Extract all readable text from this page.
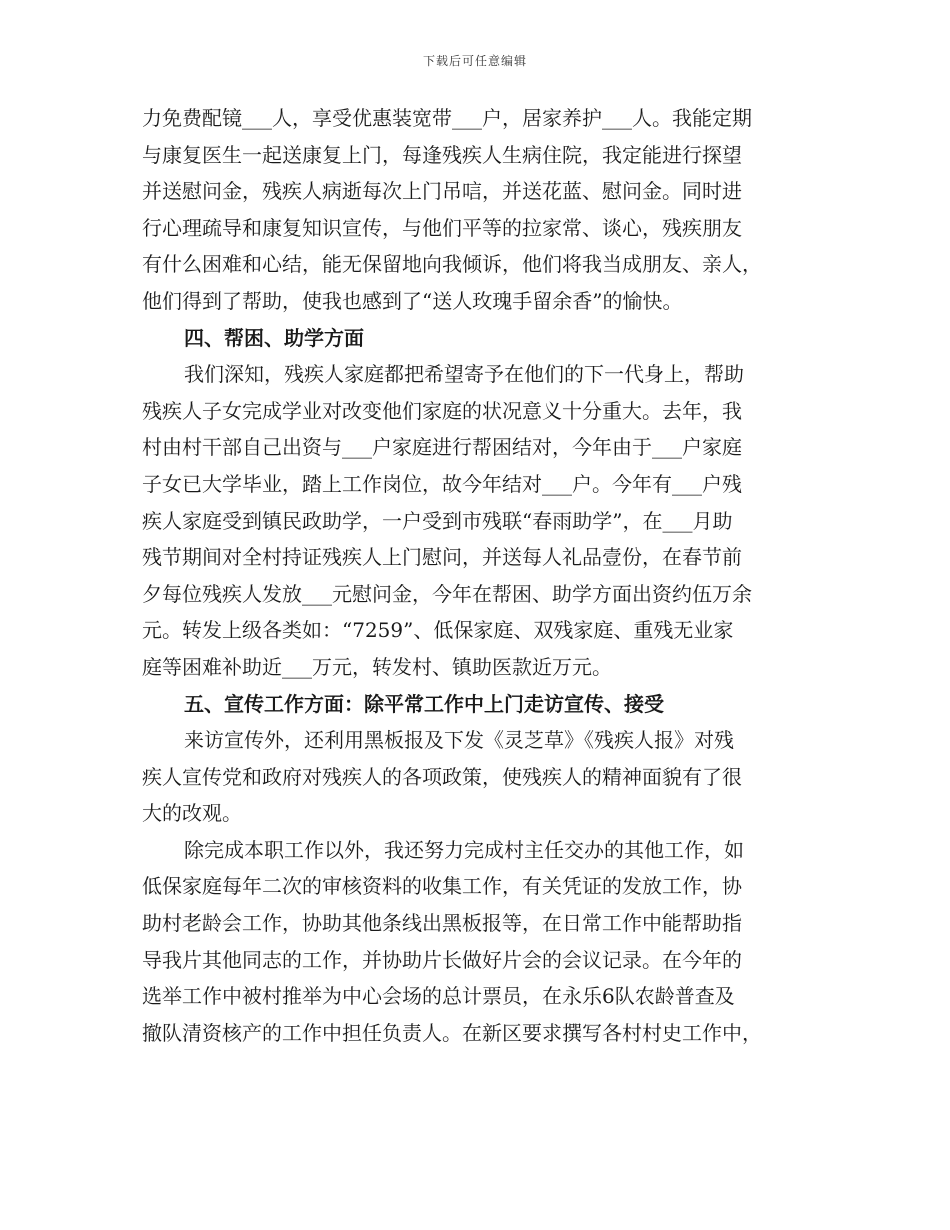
下载后可任意编辑
力免费配镜___人，享受优惠装宽带___户，居家养护___人。我能定期
与康复医生一起送康复上门，每逢残疾人生病住院，我定能进行探望
并送慰问金，残疾人病逝每次上门吊唁，并送花蓝、慰问金。同时进
行心理疏导和康复知识宣传，与他们平等的拉家常、谈心，残疾朋友
有什么困难和心结，能无保留地向我倾诉，他们将我当成朋友、亲人，
他们得到了帮助，使我也感到了“送人玫瑰手留余香”的愉快。
四、帮困、助学方面
我们深知，残疾人家庭都把希望寄予在他们的下一代身上，帮助
残疾人子女完成学业对改变他们家庭的状况意义十分重大。去年，我
村由村干部自己出资与___户家庭进行帮困结对，今年由于___户家庭
子女已大学毕业，踏上工作岗位，故今年结对___户。今年有___户残
疾人家庭受到镇民政助学，一户受到市残联“春雨助学”，在___月助
残节期间对全村持证残疾人上门慰问，并送每人礼品壹份，在春节前
夕每位残疾人发放___元慰问金，今年在帮困、助学方面出资约伍万余
元。转发上级各类如：“7259”、低保家庭、双残家庭、重残无业家
庭等困难补助近___万元，转发村、镇助医款近万元。
五、宣传工作方面：除平常工作中上门走访宣传、接受
来访宣传外，还利用黑板报及下发《灵芝草》《残疾人报》对残
疾人宣传党和政府对残疾人的各项政策，使残疾人的精神面貌有了很
大的改观。
除完成本职工作以外，我还努力完成村主任交办的其他工作，如
低保家庭每年二次的审核资料的收集工作，有关凭证的发放工作，协
助村老龄会工作，协助其他条线出黑板报等，在日常工作中能帮助指
导我片其他同志的工作，并协助片长做好片会的会议记录。在今年的
选举工作中被村推举为中心会场的总计票员，在永乐6队农龄普查及
撤队清资核产的工作中担任负责人。在新区要求撰写各村村史工作中，
